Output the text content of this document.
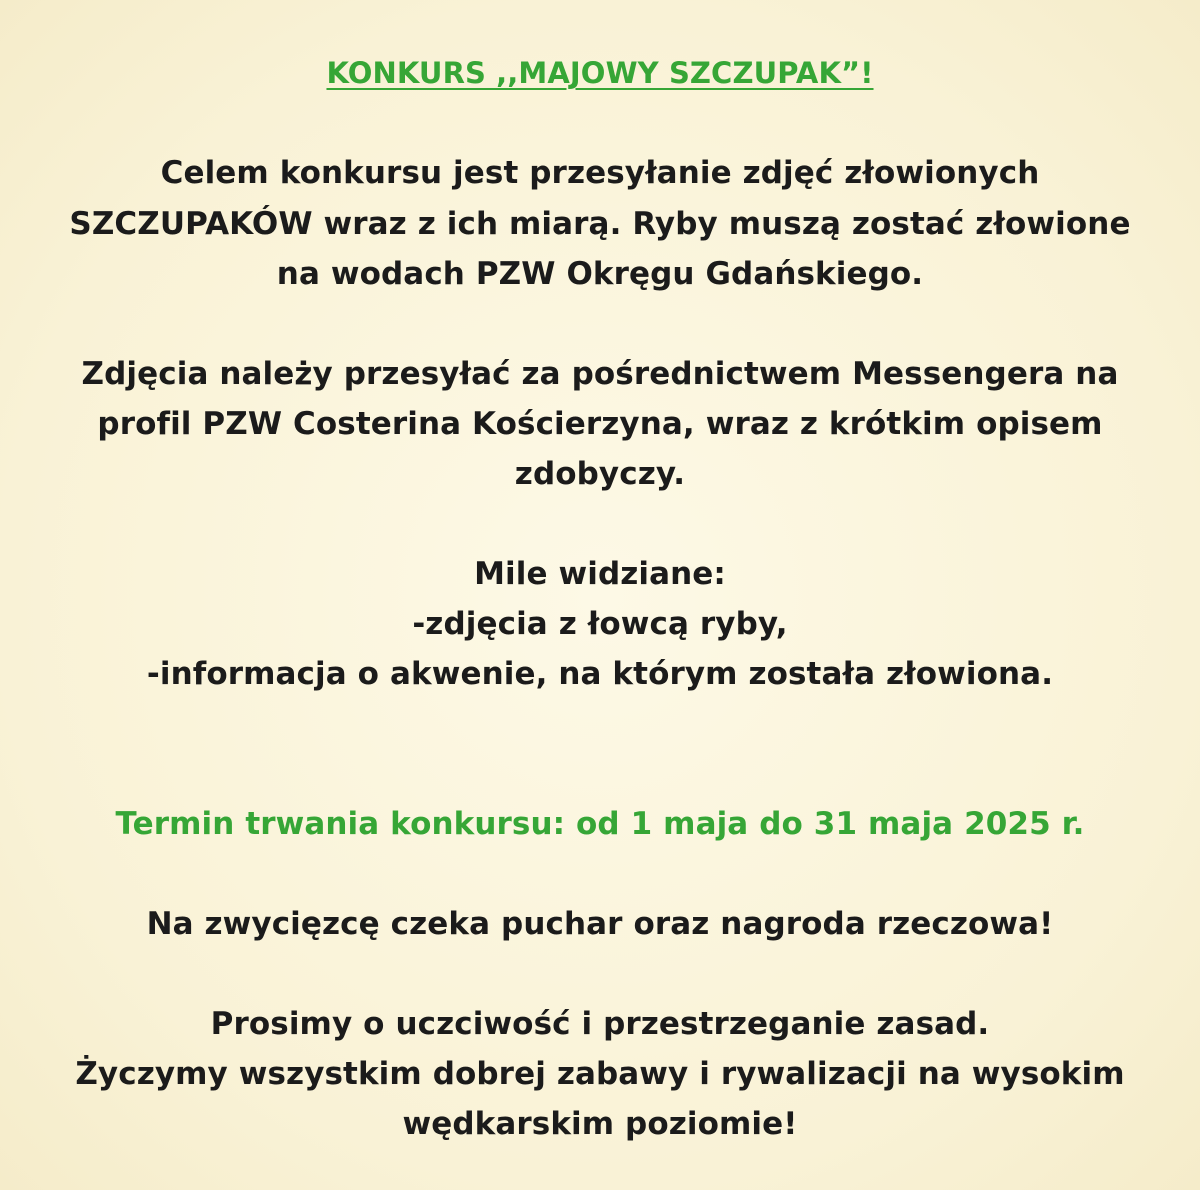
KONKURS ,,MAJOWY SZCZUPAK”!
Celem konkursu jest przesyłanie zdjęć złowionych
SZCZUPAKÓW wraz z ich miarą. Ryby muszą zostać złowione
na wodach PZW Okręgu Gdańskiego.
Zdjęcia należy przesyłać za pośrednictwem Messengera na
profil PZW Costerina Kościerzyna, wraz z krótkim opisem
zdobyczy.
Mile widziane:
-zdjęcia z łowcą ryby,
-informacja o akwenie, na którym została złowiona.
Termin trwania konkursu: od 1 maja do 31 maja 2025 r.
Na zwycięzcę czeka puchar oraz nagroda rzeczowa!
Prosimy o uczciwość i przestrzeganie zasad.
Życzymy wszystkim dobrej zabawy i rywalizacji na wysokim
wędkarskim poziomie!
